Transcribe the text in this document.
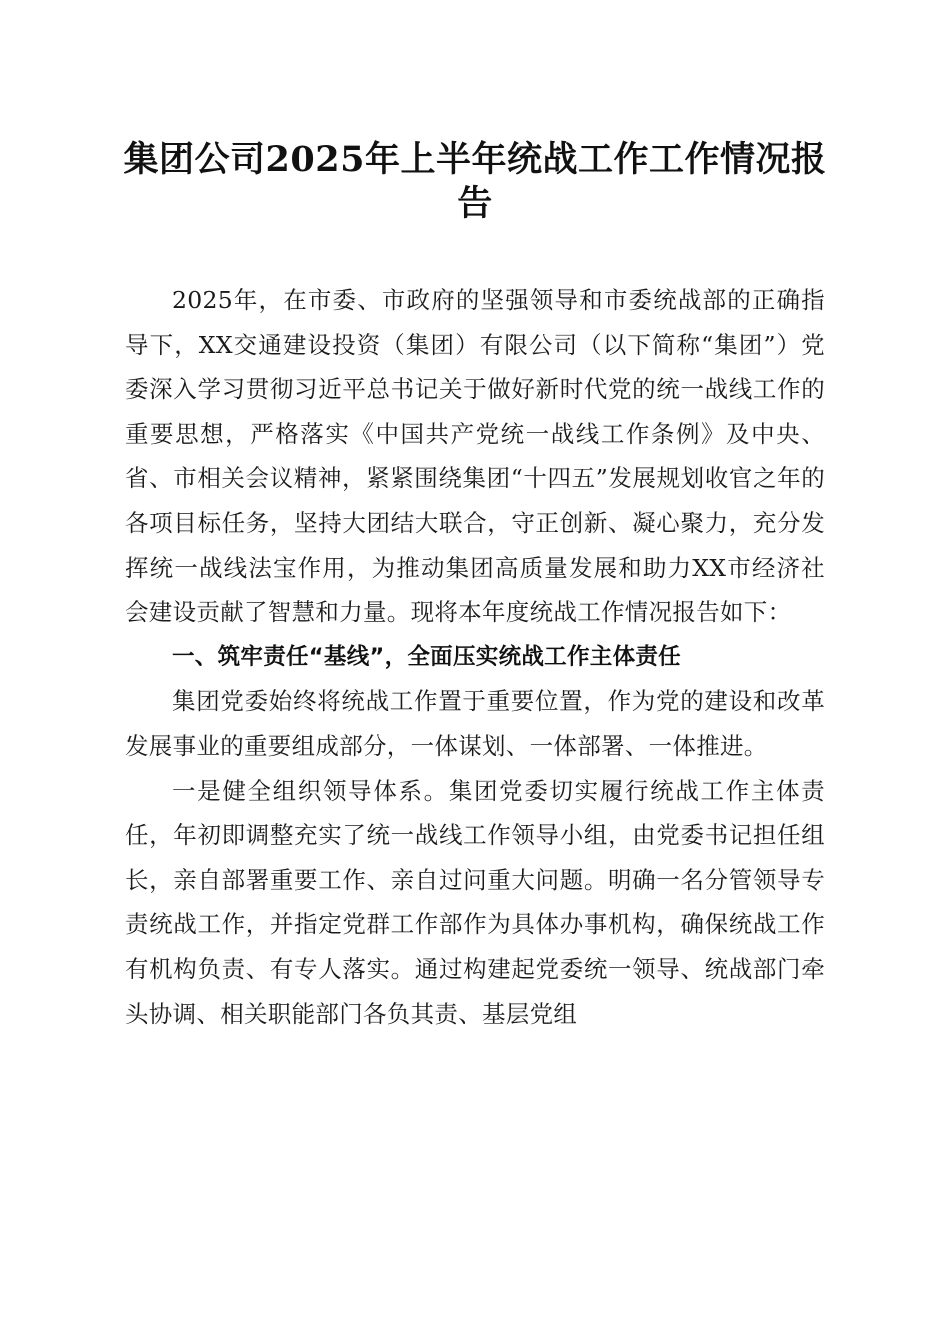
集团公司2025年上半年统战工作工作情况报告

2025年，在市委、市政府的坚强领导和市委统战部的正确指导下，XX交通建设投资（集团）有限公司（以下简称“集团”）党委深入学习贯彻习近平总书记关于做好新时代党的统一战线工作的重要思想，严格落实《中国共产党统一战线工作条例》及中央、省、市相关会议精神，紧紧围绕集团“十四五”发展规划收官之年的各项目标任务，坚持大团结大联合，守正创新、凝心聚力，充分发挥统一战线法宝作用，为推动集团高质量发展和助力XX市经济社会建设贡献了智慧和力量。现将本年度统战工作情况报告如下：

一、筑牢责任“基线”，全面压实统战工作主体责任

集团党委始终将统战工作置于重要位置，作为党的建设和改革发展事业的重要组成部分，一体谋划、一体部署、一体推进。

一是健全组织领导体系。集团党委切实履行统战工作主体责任，年初即调整充实了统一战线工作领导小组，由党委书记担任组长，亲自部署重要工作、亲自过问重大问题。明确一名分管领导专责统战工作，并指定党群工作部作为具体办事机构，确保统战工作有机构负责、有专人落实。通过构建起党委统一领导、统战部门牵头协调、相关职能部门各负其责、基层党组
